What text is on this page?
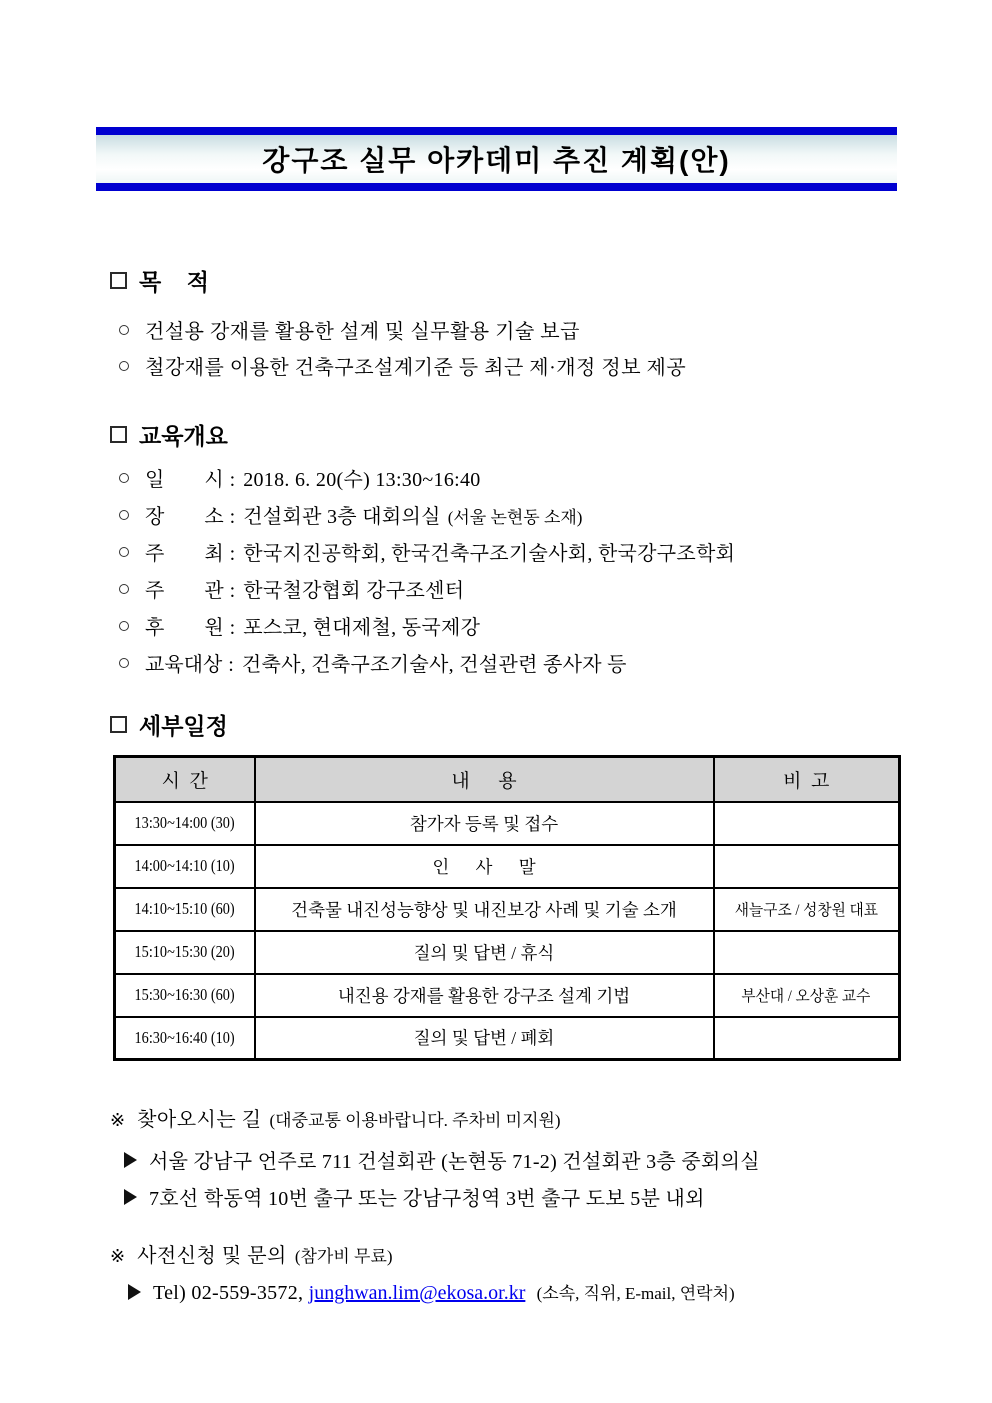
강구조 실무 아카데미 추진 계획(안)
목    적
건설용 강재를 활용한 설계 및 실무활용 기술 보급
철강재를 이용한 건축구조설계기준 등 최근 제·개정 정보 제공
교육개요
일        시 : 2018. 6. 20(수) 13:30~16:40
장        소 : 건설회관 3층 대회의실 (서울 논현동 소재)
주        최 : 한국지진공학회, 한국건축구조기술사회, 한국강구조학회
주        관 : 한국철강협회 강구조센터
후        원 : 포스코, 현대제철, 동국제강
교육대상 : 건축사, 건축구조기술사, 건설관련 종사자 등
세부일정
시  간	내      용	비  고
13:30~14:00 (30)	참가자 등록 및 접수	
14:00~14:10 (10)	인      사      말	
14:10~15:10 (60)	건축물 내진성능향상 및 내진보강 사례 및 기술 소개	새늘구조 / 성창원 대표
15:10~15:30 (20)	질의 및 답변 / 휴식	
15:30~16:30 (60)	내진용 강재를 활용한 강구조 설계 기법	부산대 / 오상훈 교수
16:30~16:40 (10)	질의 및 답변 / 폐회	
※ 찾아오시는 길 (대중교통 이용바랍니다. 주차비 미지원)
서울 강남구 언주로 711 건설회관 (논현동 71-2) 건설회관 3층 중회의실
7호선 학동역 10번 출구 또는 강남구청역 3번 출구 도보 5분 내외
※ 사전신청 및 문의 (참가비 무료)
Tel) 02-559-3572, junghwan.lim@ekosa.or.kr (소속, 직위, E-mail, 연락처)
